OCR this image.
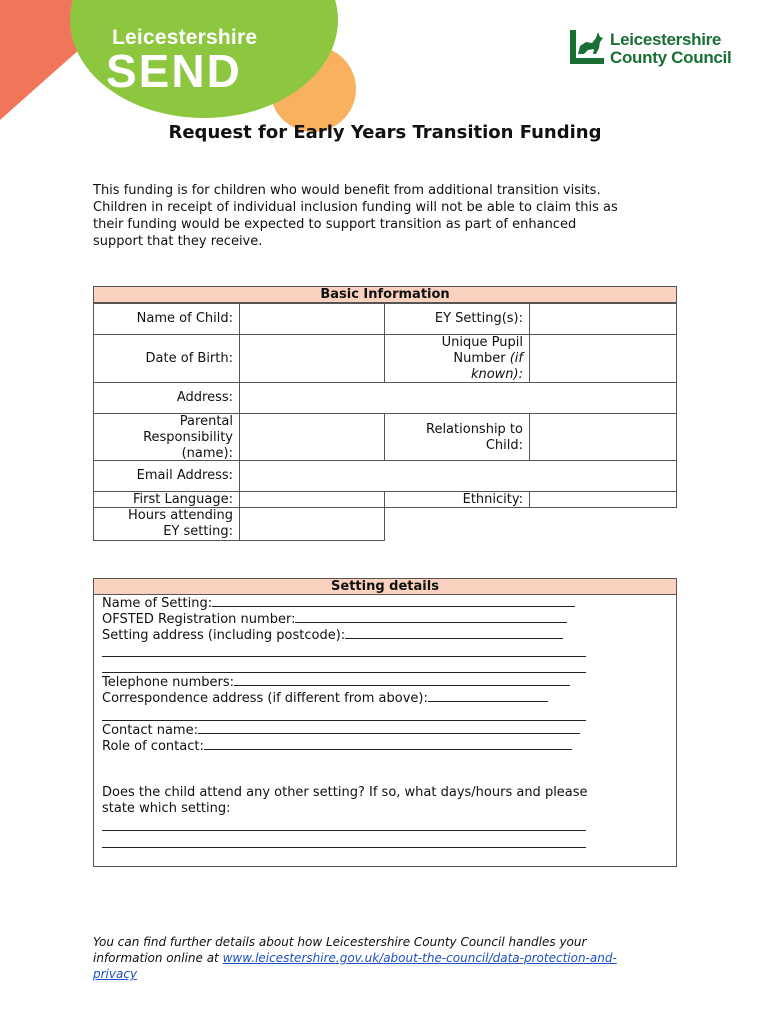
Leicestershire
SEND
Leicestershire
County Council
Request for Early Years Transition Funding
This funding is for children who would benefit from additional transition visits.
Children in receipt of individual inclusion funding will not be able to claim this as
their funding would be expected to support transition as part of enhanced
support that they receive.
Basic Information
Name of Child:	EY Setting(s):
Date of Birth:
Unique Pupil
Number (if
known):
Address:
Parental
Responsibility
(name):
Relationship to
Child:
Email Address:
First Language:	Ethnicity:
Hours attending
EY setting:
Setting details
Name of Setting:
OFSTED Registration number:
Setting address (including postcode):
Telephone numbers:
Correspondence address (if different from above):
Contact name:
Role of contact:
Does the child attend any other setting? If so, what days/hours and please
state which setting:
You can find further details about how Leicestershire County Council handles your
information online at www.leicestershire.gov.uk/about-the-council/data-protection-and-
privacy
